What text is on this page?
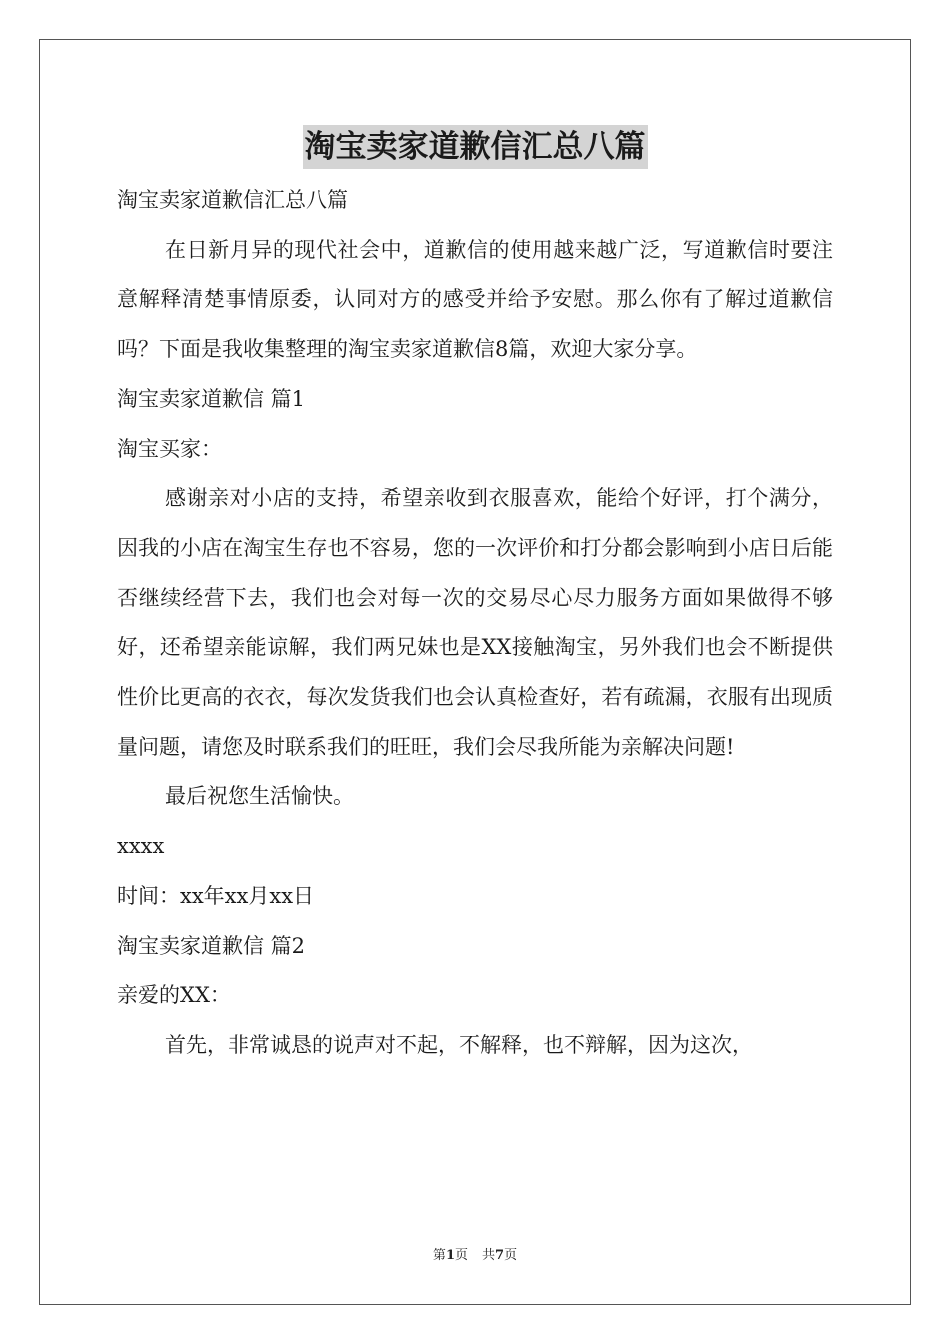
淘宝卖家道歉信汇总八篇

淘宝卖家道歉信汇总八篇

在日新月异的现代社会中，道歉信的使用越来越广泛，写道歉信时要注意解释清楚事情原委，认同对方的感受并给予安慰。那么你有了解过道歉信吗？下面是我收集整理的淘宝卖家道歉信8篇，欢迎大家分享。

淘宝卖家道歉信 篇1

淘宝买家：

感谢亲对小店的支持，希望亲收到衣服喜欢，能给个好评，打个满分，因我的小店在淘宝生存也不容易，您的一次评价和打分都会影响到小店日后能否继续经营下去，我们也会对每一次的交易尽心尽力服务方面如果做得不够好，还希望亲能谅解，我们两兄妹也是XX接触淘宝，另外我们也会不断提供性价比更高的衣衣，每次发货我们也会认真检查好，若有疏漏，衣服有出现质量问题，请您及时联系我们的旺旺，我们会尽我所能为亲解决问题!

最后祝您生活愉快。

xxxx

时间：xx年xx月xx日

淘宝卖家道歉信 篇2

亲爱的XX：

首先，非常诚恳的说声对不起，不解释，也不辩解，因为这次，

第1页 共7页
